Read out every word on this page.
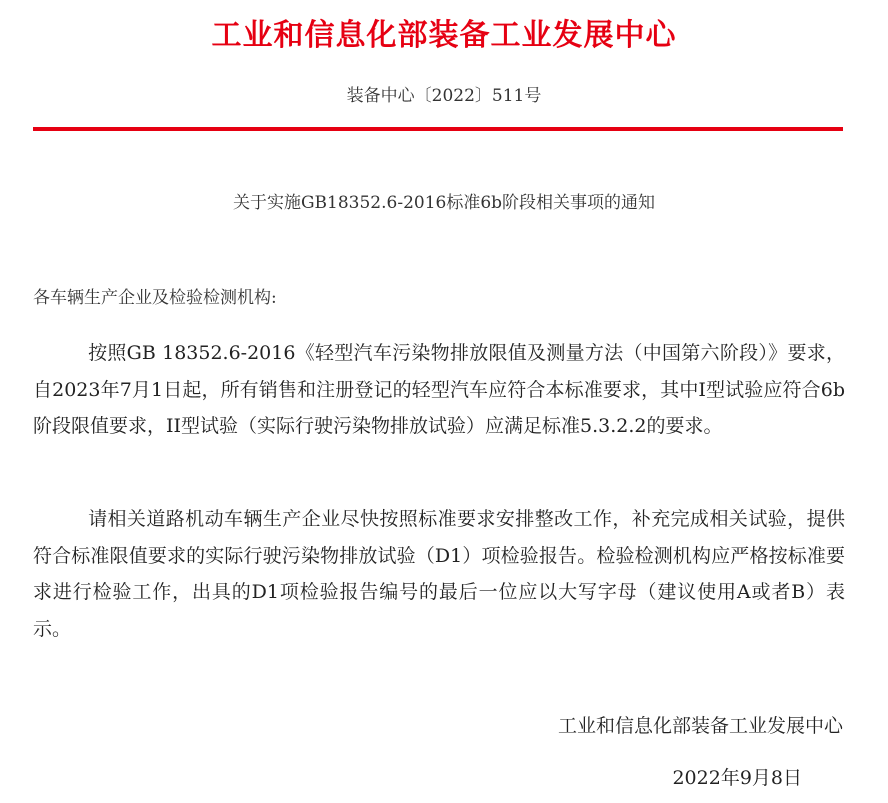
工业和信息化部装备工业发展中心
装备中心〔2022〕511号
关于实施GB18352.6-2016标准6b阶段相关事项的通知
各车辆生产企业及检验检测机构:

按照GB 18352.6-2016《轻型汽车污染物排放限值及测量方法（中国第六阶段）》要求，自2023年7月1日起，所有销售和注册登记的轻型汽车应符合本标准要求，其中I型试验应符合6b阶段限值要求，II型试验（实际行驶污染物排放试验）应满足标准5.3.2.2的要求。

请相关道路机动车辆生产企业尽快按照标准要求安排整改工作，补充完成相关试验，提供符合标准限值要求的实际行驶污染物排放试验（D1）项检验报告。检验检测机构应严格按标准要求进行检验工作，出具的D1项检验报告编号的最后一位应以大写字母（建议使用A或者B）表示。

工业和信息化部装备工业发展中心
2022年9月8日
